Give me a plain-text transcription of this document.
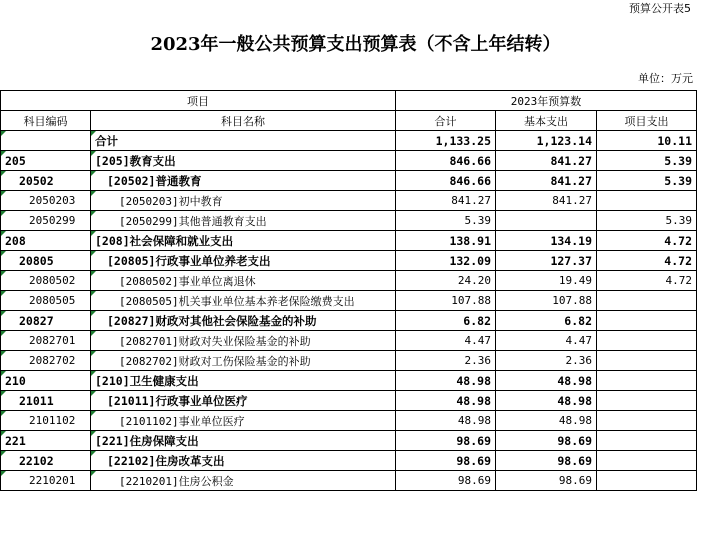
预算公开表5
2023年一般公共预算支出预算表（不含上年结转）
单位：万元
项目		2023年预算数		
科目编码	科目名称	合计	基本支出	项目支出
	合计	1,133.25	1,123.14	10.11
205	[205]教育支出	846.66	841.27	5.39
20502	[20502]普通教育	846.66	841.27	5.39
2050203	[2050203]初中教育	841.27	841.27	
2050299	[2050299]其他普通教育支出	5.39		5.39
208	[208]社会保障和就业支出	138.91	134.19	4.72
20805	[20805]行政事业单位养老支出	132.09	127.37	4.72
2080502	[2080502]事业单位离退休	24.20	19.49	4.72
2080505	[2080505]机关事业单位基本养老保险缴费支出	107.88	107.88	
20827	[20827]财政对其他社会保险基金的补助	6.82	6.82	
2082701	[2082701]财政对失业保险基金的补助	4.47	4.47	
2082702	[2082702]财政对工伤保险基金的补助	2.36	2.36	
210	[210]卫生健康支出	48.98	48.98	
21011	[21011]行政事业单位医疗	48.98	48.98	
2101102	[2101102]事业单位医疗	48.98	48.98	
221	[221]住房保障支出	98.69	98.69	
22102	[22102]住房改革支出	98.69	98.69	
2210201	[2210201]住房公积金	98.69	98.69	
